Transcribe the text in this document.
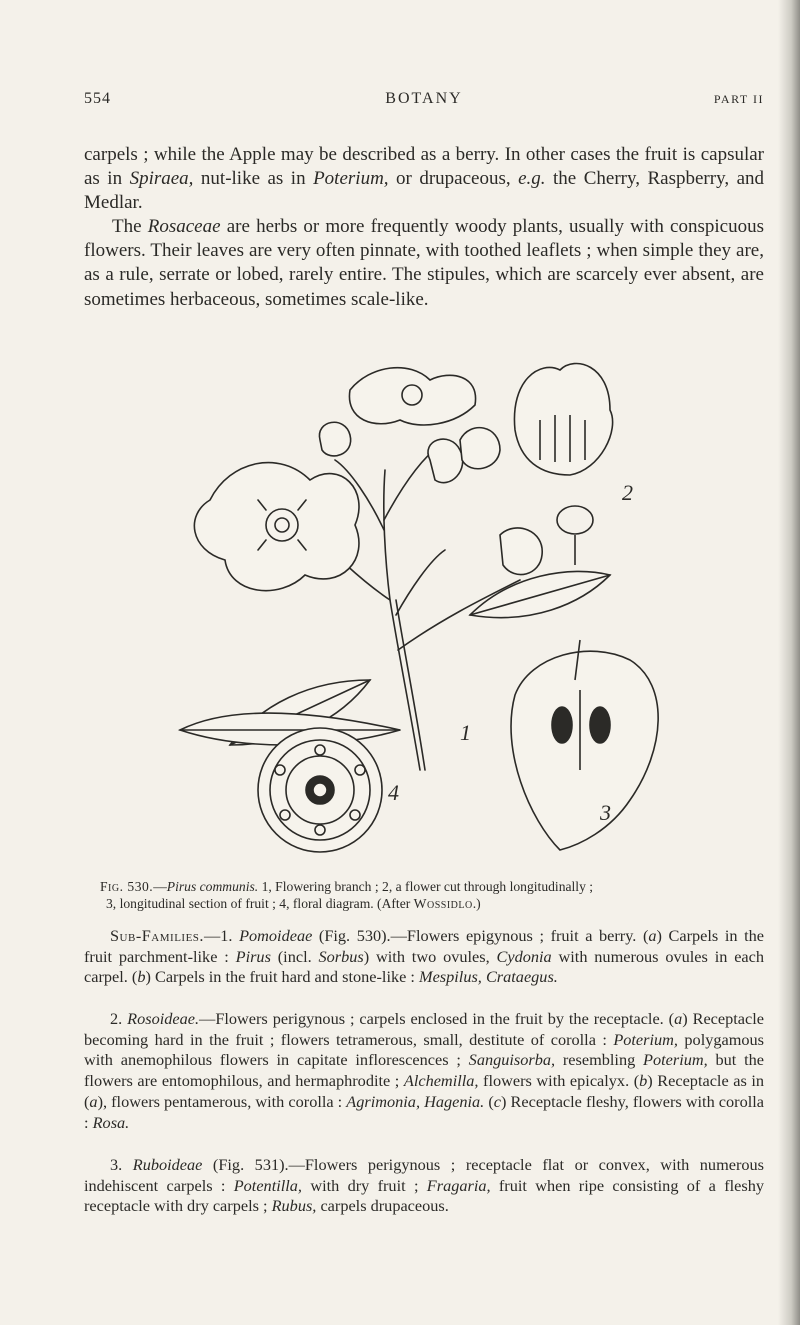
554	BOTANY	PART II

carpels ; while the Apple may be described as a berry. In other cases the fruit is capsular as in Spiraea, nut-like as in Poterium, or drupaceous, e.g. the Cherry, Raspberry, and Medlar.

The Rosaceae are herbs or more frequently woody plants, usually with conspicuous flowers. Their leaves are very often pinnate, with toothed leaflets ; when simple they are, as a rule, serrate or lobed, rarely entire. The stipules, which are scarcely ever absent, are sometimes herbaceous, sometimes scale-like.

2
1
3
4

Fig. 530.—Pirus communis. 1, Flowering branch ; 2, a flower cut through longitudinally ;
3, longitudinal section of fruit ; 4, floral diagram. (After Wossidlo.)

Sub-Families.—1. Pomoideae (Fig. 530).—Flowers epigynous ; fruit a berry. (a) Carpels in the fruit parchment-like : Pirus (incl. Sorbus) with two ovules, Cydonia with numerous ovules in each carpel. (b) Carpels in the fruit hard and stone-like : Mespilus, Crataegus.

2. Rosoideae.—Flowers perigynous ; carpels enclosed in the fruit by the receptacle. (a) Receptacle becoming hard in the fruit ; flowers tetramerous, small, destitute of corolla : Poterium, polygamous with anemophilous flowers in capitate inflorescences ; Sanguisorba, resembling Poterium, but the flowers are entomophilous, and hermaphrodite ; Alchemilla, flowers with epicalyx. (b) Receptacle as in (a), flowers pentamerous, with corolla : Agrimonia, Hagenia. (c) Receptacle fleshy, flowers with corolla : Rosa.

3. Ruboideae (Fig. 531).—Flowers perigynous ; receptacle flat or convex, with numerous indehiscent carpels : Potentilla, with dry fruit ; Fragaria, fruit when ripe consisting of a fleshy receptacle with dry carpels ; Rubus, carpels drupaceous.
